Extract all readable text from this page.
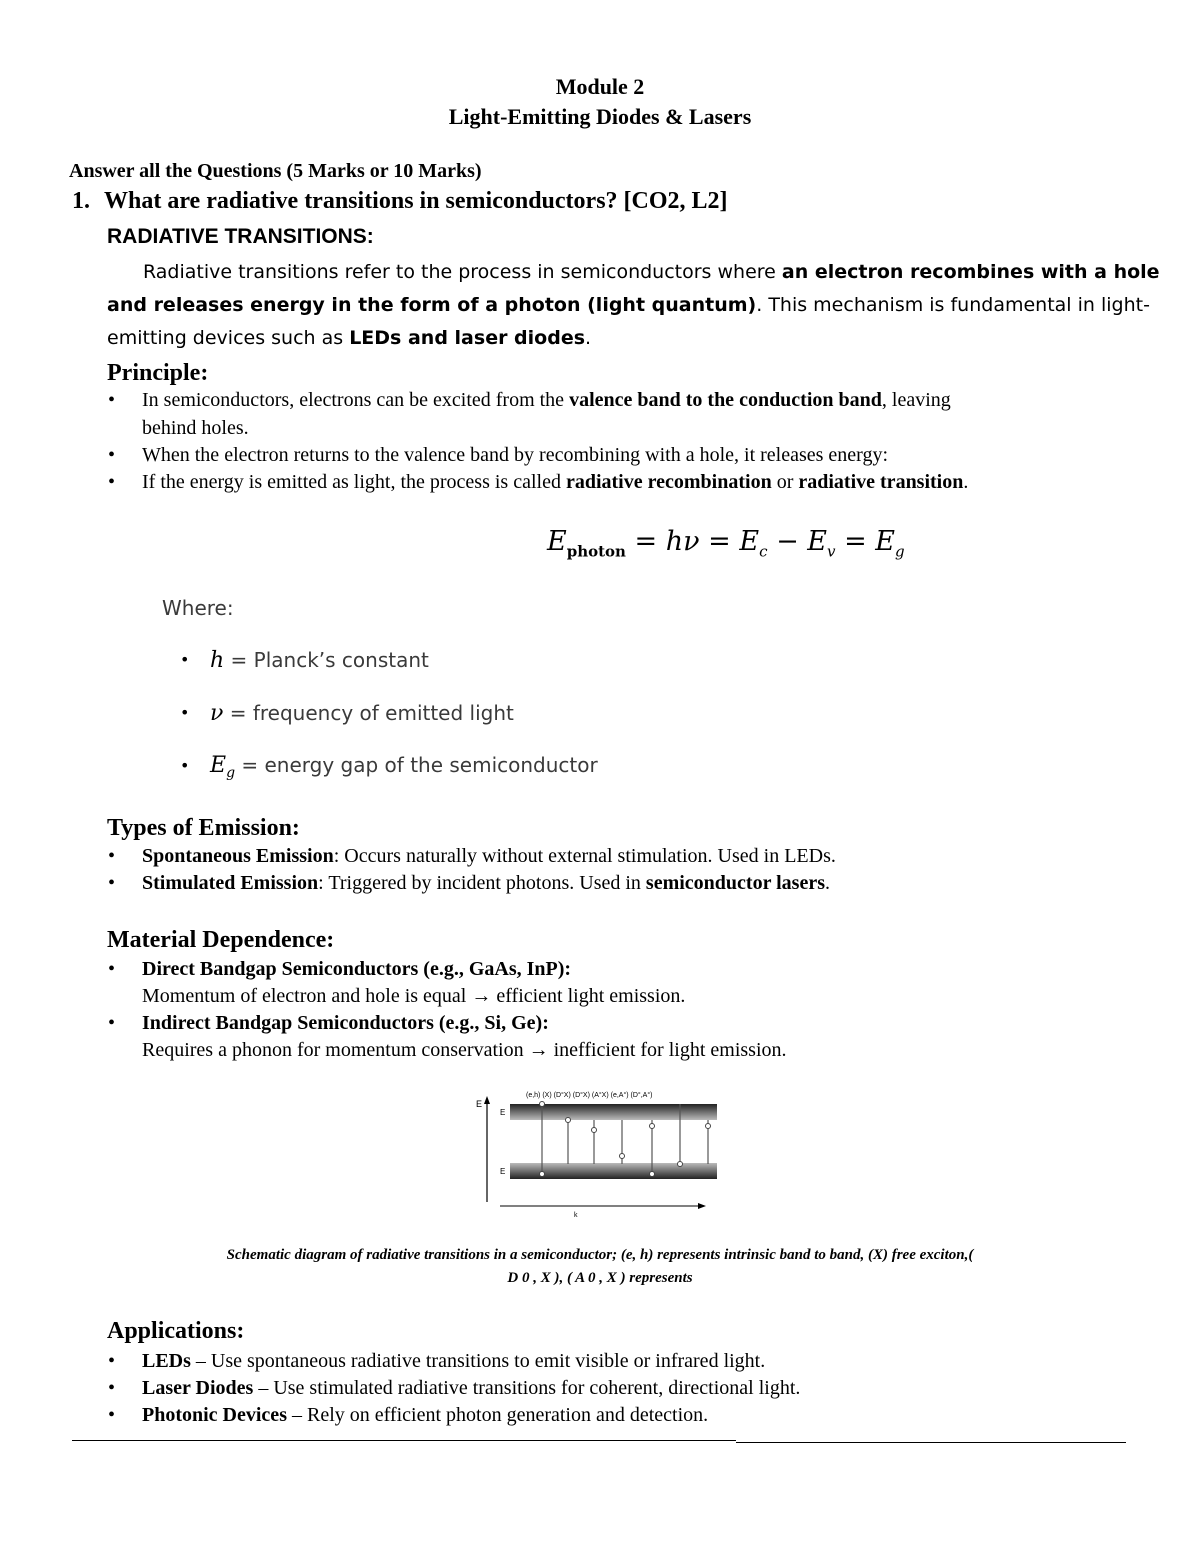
Module 2
Light-Emitting Diodes & Lasers
Answer all the Questions (5 Marks or 10 Marks)
1. What are radiative transitions in semiconductors? [CO2, L2]
RADIATIVE TRANSITIONS:
Radiative transitions refer to the process in semiconductors where an electron recombines with a hole
and releases energy in the form of a photon (light quantum). This mechanism is fundamental in light-
emitting devices such as LEDs and laser diodes.
Principle:
• In semiconductors, electrons can be excited from the valence band to the conduction band, leaving
behind holes.
• When the electron returns to the valence band by recombining with a hole, it releases energy:
• If the energy is emitted as light, the process is called radiative recombination or radiative transition.
$E_{photon} = h\nu = E_c - E_v = E_g$
Where:
• h = Planck’s constant
• ν = frequency of emitted light
• $E_g$ = energy gap of the semiconductor
Types of Emission:
• Spontaneous Emission: Occurs naturally without external stimulation. Used in LEDs.
• Stimulated Emission: Triggered by incident photons. Used in semiconductor lasers.
Material Dependence:
• Direct Bandgap Semiconductors (e.g., GaAs, InP):
Momentum of electron and hole is equal → efficient light emission.
• Indirect Bandgap Semiconductors (e.g., Si, Ge):
Requires a phonon for momentum conservation → inefficient for light emission.
E
E
E
(e,h) (X) (D°X) (D°X) (A°X) (e,A°) (D°,A°)
k
Schematic diagram of radiative transitions in a semiconductor; (e, h) represents intrinsic band to band, (X) free exciton,(
D 0 , X ), ( A 0 , X ) represents
Applications:
• LEDs – Use spontaneous radiative transitions to emit visible or infrared light.
• Laser Diodes – Use stimulated radiative transitions for coherent, directional light.
• Photonic Devices – Rely on efficient photon generation and detection.
